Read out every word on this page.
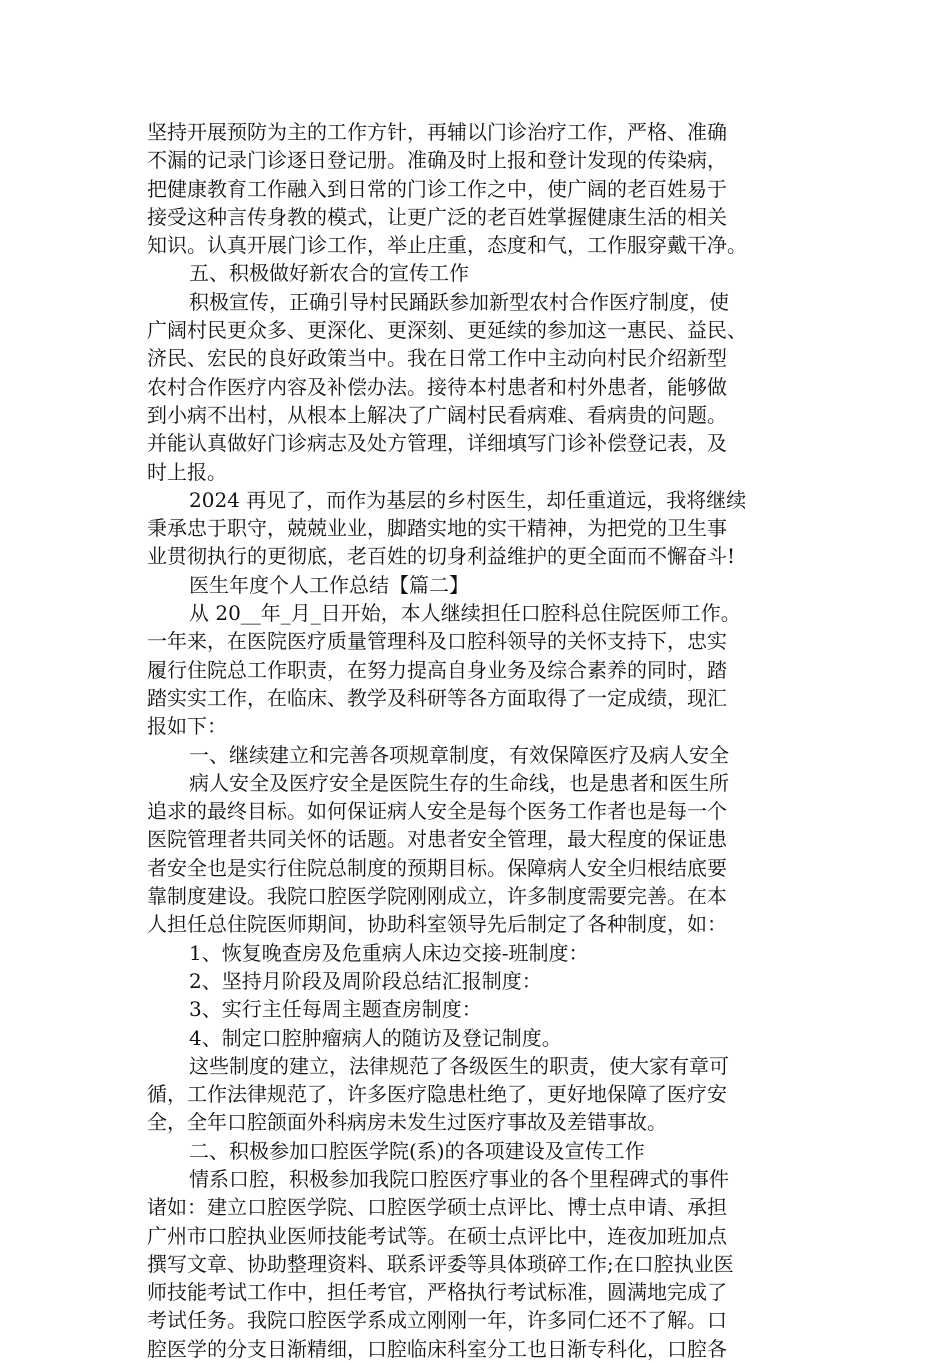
坚持开展预防为主的工作方针，再辅以门诊治疗工作，严格、准确
不漏的记录门诊逐日登记册。准确及时上报和登计发现的传染病，
把健康教育工作融入到日常的门诊工作之中，使广阔的老百姓易于
接受这种言传身教的模式，让更广泛的老百姓掌握健康生活的相关
知识。认真开展门诊工作，举止庄重，态度和气，工作服穿戴干净。
五、积极做好新农合的宣传工作
积极宣传，正确引导村民踊跃参加新型农村合作医疗制度，使
广阔村民更众多、更深化、更深刻、更延续的参加这一惠民、益民、
济民、宏民的良好政策当中。我在日常工作中主动向村民介绍新型
农村合作医疗内容及补偿办法。接待本村患者和村外患者，能够做
到小病不出村，从根本上解决了广阔村民看病难、看病贵的问题。
并能认真做好门诊病志及处方管理，详细填写门诊补偿登记表，及
时上报。
2024 再见了，而作为基层的乡村医生，却任重道远，我将继续
秉承忠于职守，兢兢业业，脚踏实地的实干精神，为把党的卫生事
业贯彻执行的更彻底，老百姓的切身利益维护的更全面而不懈奋斗!
医生年度个人工作总结【篇二】
从 20__年_月_日开始，本人继续担任口腔科总住院医师工作。
一年来，在医院医疗质量管理科及口腔科领导的关怀支持下，忠实
履行住院总工作职责，在努力提高自身业务及综合素养的同时，踏
踏实实工作，在临床、教学及科研等各方面取得了一定成绩，现汇
报如下：
一、继续建立和完善各项规章制度，有效保障医疗及病人安全
病人安全及医疗安全是医院生存的生命线，也是患者和医生所
追求的最终目标。如何保证病人安全是每个医务工作者也是每一个
医院管理者共同关怀的话题。对患者安全管理，最大程度的保证患
者安全也是实行住院总制度的预期目标。保障病人安全归根结底要
靠制度建设。我院口腔医学院刚刚成立，许多制度需要完善。在本
人担任总住院医师期间，协助科室领导先后制定了各种制度，如：
1、恢复晚查房及危重病人床边交接-班制度：
2、坚持月阶段及周阶段总结汇报制度：
3、实行主任每周主题查房制度：
4、制定口腔肿瘤病人的随访及登记制度。
这些制度的建立，法律规范了各级医生的职责，使大家有章可
循，工作法律规范了，许多医疗隐患杜绝了，更好地保障了医疗安
全，全年口腔颌面外科病房未发生过医疗事故及差错事故。
二、积极参加口腔医学院(系)的各项建设及宣传工作
情系口腔，积极参加我院口腔医疗事业的各个里程碑式的事件
诸如：建立口腔医学院、口腔医学硕士点评比、博士点申请、承担
广州市口腔执业医师技能考试等。在硕士点评比中，连夜加班加点
撰写文章、协助整理资料、联系评委等具体琐碎工作;在口腔执业医
师技能考试工作中，担任考官，严格执行考试标准，圆满地完成了
考试任务。我院口腔医学系成立刚刚一年，许多同仁还不了解。口
腔医学的分支日渐精细，口腔临床科室分工也日渐专科化，口腔各
